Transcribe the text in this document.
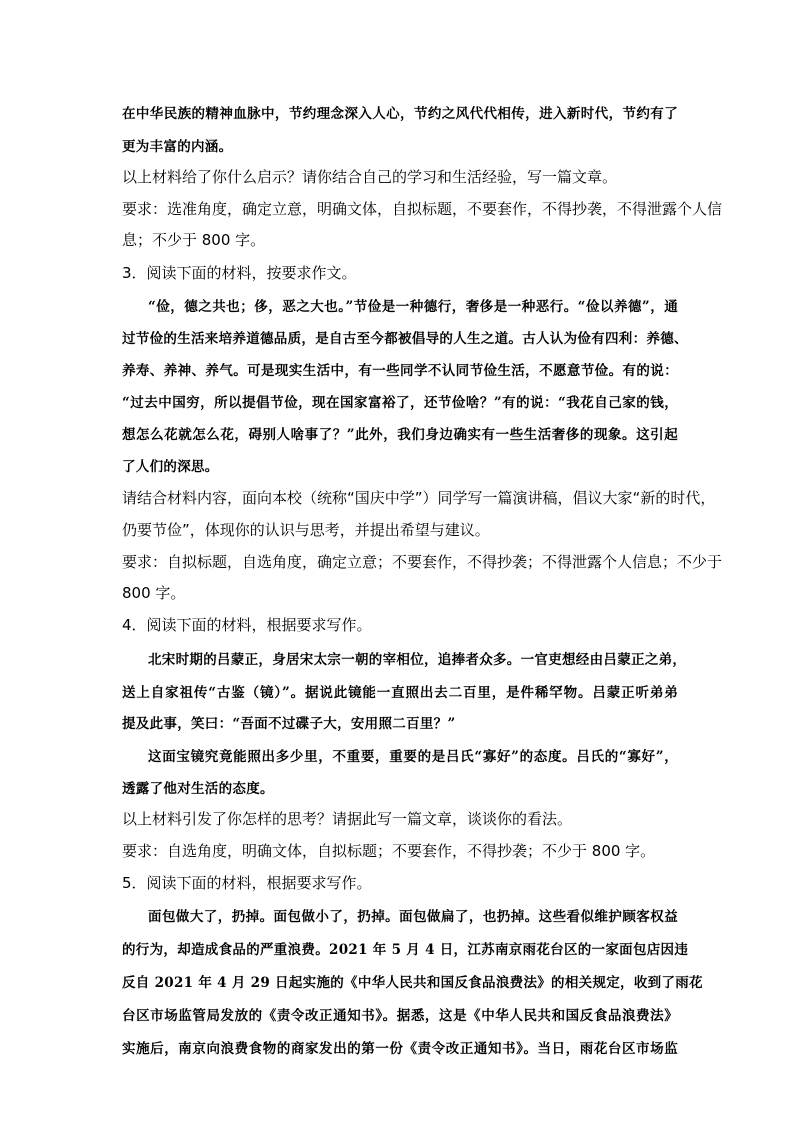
在中华民族的精神血脉中，节约理念深入人心，节约之风代代相传，进入新时代，节约有了
更为丰富的内涵。
以上材料给了你什么启示？请你结合自己的学习和生活经验，写一篇文章。
要求：选准角度，确定立意，明确文体，自拟标题，不要套作，不得抄袭，不得泄露个人信
息；不少于 800 字。
3．阅读下面的材料，按要求作文。
“俭，德之共也；侈，恶之大也。”节俭是一种德行，奢侈是一种恶行。“俭以养德”，通
过节俭的生活来培养道德品质，是自古至今都被倡导的人生之道。古人认为俭有四利：养德、
养寿、养神、养气。可是现实生活中，有一些同学不认同节俭生活，不愿意节俭。有的说：
“过去中国穷，所以提倡节俭，现在国家富裕了，还节俭啥？”有的说：“我花自己家的钱，
想怎么花就怎么花，碍别人啥事了？”此外，我们身边确实有一些生活奢侈的现象。这引起
了人们的深思。
请结合材料内容，面向本校（统称“国庆中学”）同学写一篇演讲稿，倡议大家“新的时代，
仍要节俭”，体现你的认识与思考，并提出希望与建议。
要求：自拟标题，自选角度，确定立意；不要套作，不得抄袭；不得泄露个人信息；不少于
800 字。
4．阅读下面的材料，根据要求写作。
北宋时期的吕蒙正，身居宋太宗一朝的宰相位，追捧者众多。一官吏想经由吕蒙正之弟，
送上自家祖传“古鉴（镜）”。据说此镜能一直照出去二百里，是件稀罕物。吕蒙正听弟弟
提及此事，笑曰：“吾面不过碟子大，安用照二百里？”
这面宝镜究竟能照出多少里，不重要，重要的是吕氏“寡好”的态度。吕氏的“寡好”，
透露了他对生活的态度。
以上材料引发了你怎样的思考？请据此写一篇文章，谈谈你的看法。
要求：自选角度，明确文体，自拟标题；不要套作，不得抄袭；不少于 800 字。
5．阅读下面的材料，根据要求写作。
面包做大了，扔掉。面包做小了，扔掉。面包做扁了，也扔掉。这些看似维护顾客权益
的行为，却造成食品的严重浪费。2021 年 5 月 4 日，江苏南京雨花台区的一家面包店因违
反自 2021 年 4 月 29 日起实施的《中华人民共和国反食品浪费法》的相关规定，收到了雨花
台区市场监管局发放的《责令改正通知书》。据悉，这是《中华人民共和国反食品浪费法》
实施后，南京向浪费食物的商家发出的第一份《责令改正通知书》。当日，雨花台区市场监
